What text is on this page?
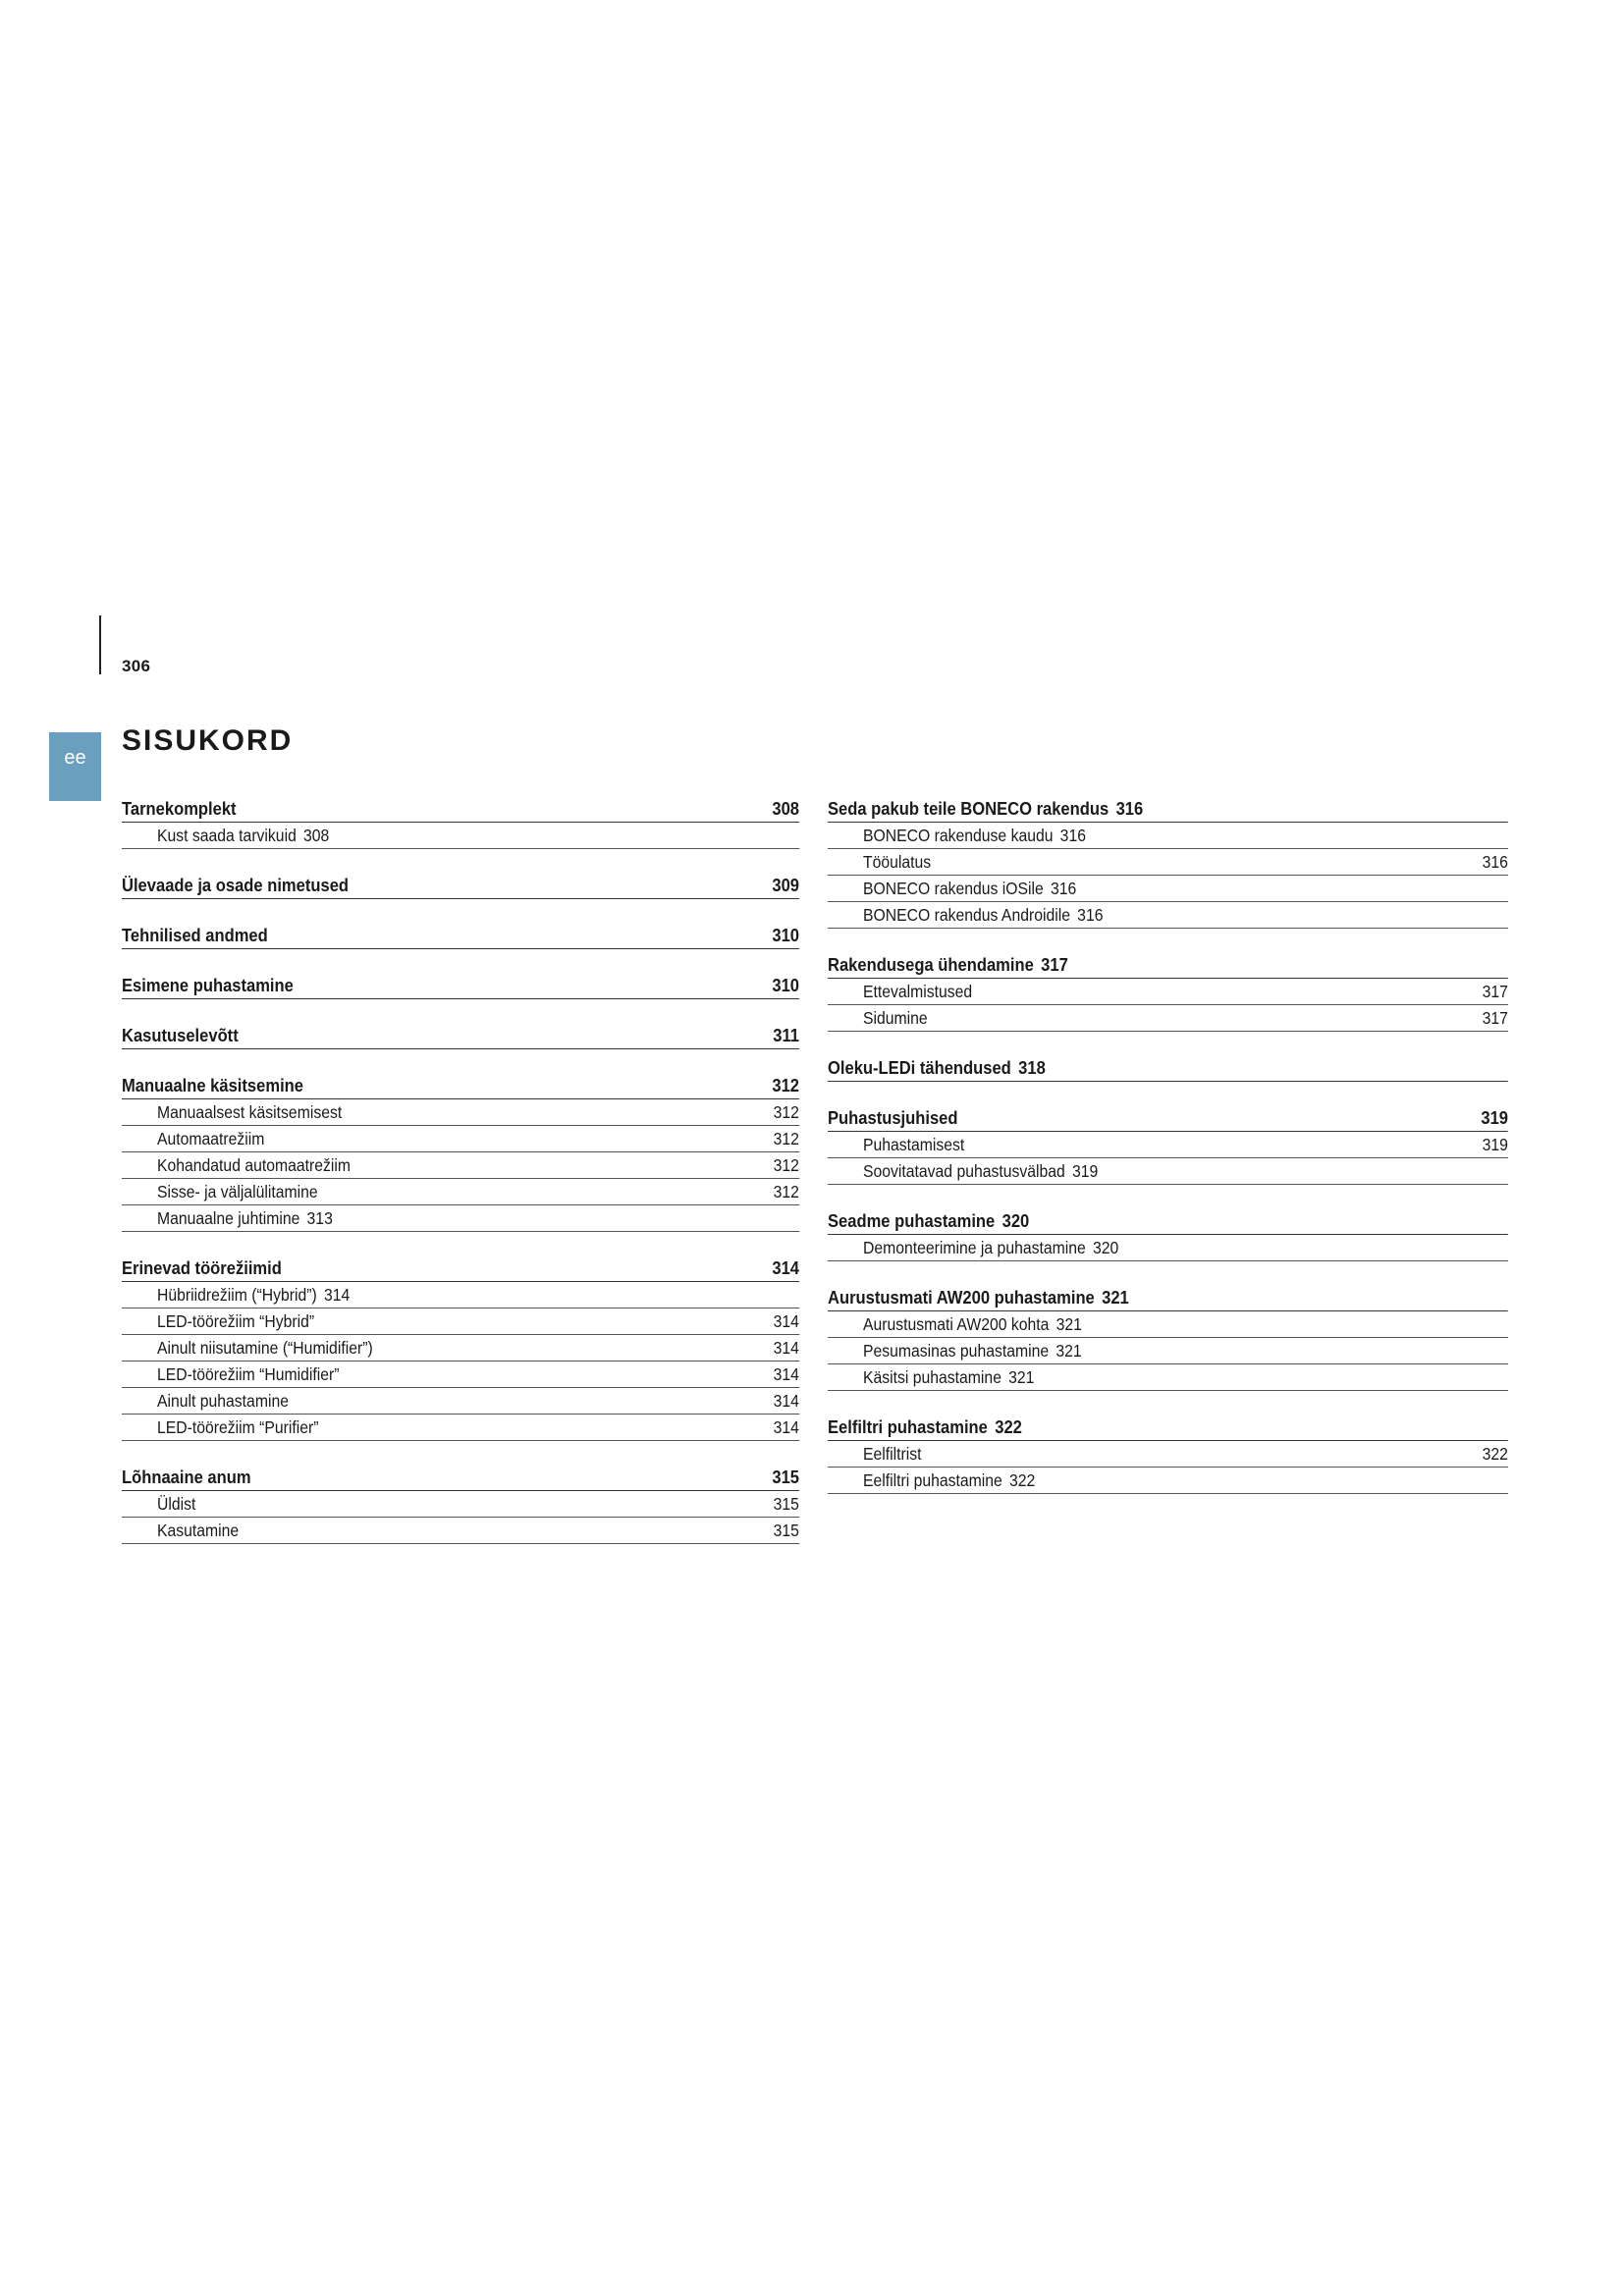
306
ee
SISUKORD
Tarnekomplekt	308
Kust saada tarvikuid 308
Ülevaade ja osade nimetused	309
Tehnilised andmed	310
Esimene puhastamine	310
Kasutuselevõtt	311
Manuaalne käsitsemine	312
Manuaalsest käsitsemisest	312
Automaatrežiim	312
Kohandatud automaatrežiim	312
Sisse- ja väljalülitamine	312
Manuaalne juhtimine 313
Erinevad töörežiimid	314
Hübriidrežiim (“Hybrid”) 314
LED-töörežiim “Hybrid”	314
Ainult niisutamine (“Humidifier”)	314
LED-töörežiim “Humidifier”	314
Ainult puhastamine	314
LED-töörežiim “Purifier”	314
Lõhnaaine anum	315
Üldist	315
Kasutamine	315
Seda pakub teile BONECO rakendus 316
BONECO rakenduse kaudu 316
Tööulatus	316
BONECO rakendus iOSile 316
BONECO rakendus Androidile 316
Rakendusega ühendamine 317
Ettevalmistused	317
Sidumine	317
Oleku-LEDi tähendused 318
Puhastusjuhised	319
Puhastamisest	319
Soovitatavad puhastusvälbad 319
Seadme puhastamine 320
Demonteerimine ja puhastamine 320
Aurustusmati AW200 puhastamine 321
Aurustusmati AW200 kohta 321
Pesumasinas puhastamine 321
Käsitsi puhastamine 321
Eelfiltri puhastamine 322
Eelfiltrist	322
Eelfiltri puhastamine 322
